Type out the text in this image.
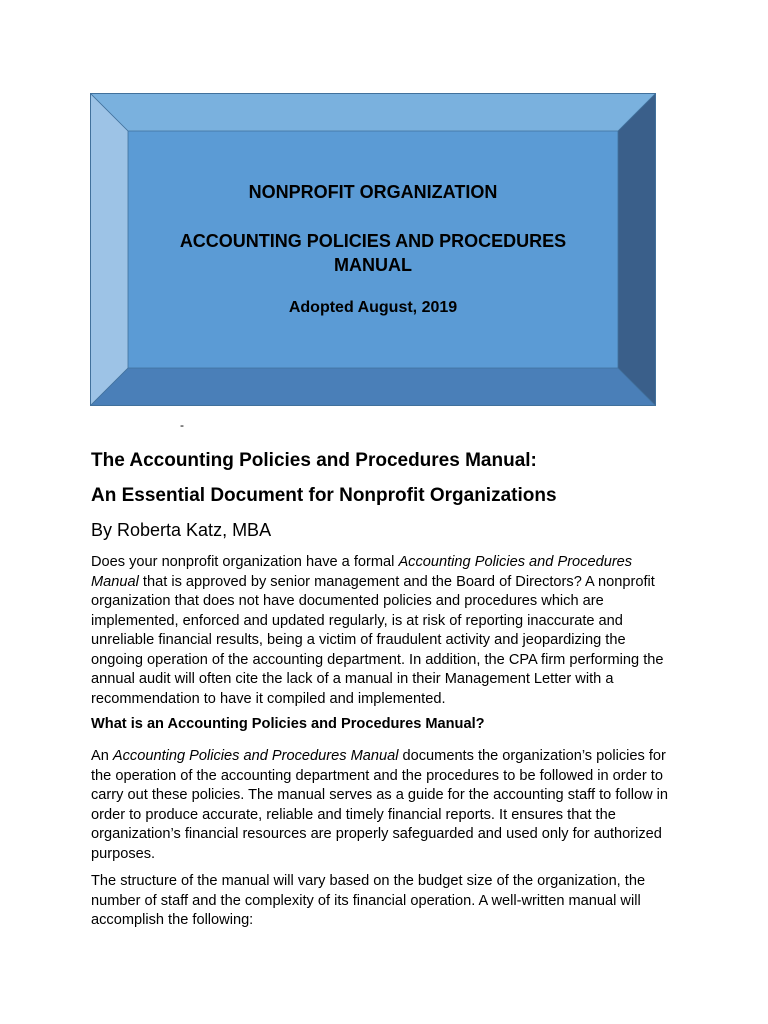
NONPROFIT ORGANIZATION
ACCOUNTING POLICIES AND PROCEDURES MANUAL
Adopted August, 2019
-
The Accounting Policies and Procedures Manual:
An Essential Document for Nonprofit Organizations
By Roberta Katz, MBA

Does your nonprofit organization have a formal Accounting Policies and Procedures Manual that is approved by senior management and the Board of Directors? A nonprofit organization that does not have documented policies and procedures which are implemented, enforced and updated regularly, is at risk of reporting inaccurate and unreliable financial results, being a victim of fraudulent activity and jeopardizing the ongoing operation of the accounting department. In addition, the CPA firm performing the annual audit will often cite the lack of a manual in their Management Letter with a recommendation to have it compiled and implemented.

What is an Accounting Policies and Procedures Manual?

An Accounting Policies and Procedures Manual documents the organization’s policies for the operation of the accounting department and the procedures to be followed in order to carry out these policies. The manual serves as a guide for the accounting staff to follow in order to produce accurate, reliable and timely financial reports. It ensures that the organization’s financial resources are properly safeguarded and used only for authorized purposes.

The structure of the manual will vary based on the budget size of the organization, the number of staff and the complexity of its financial operation. A well-written manual will accomplish the following:
